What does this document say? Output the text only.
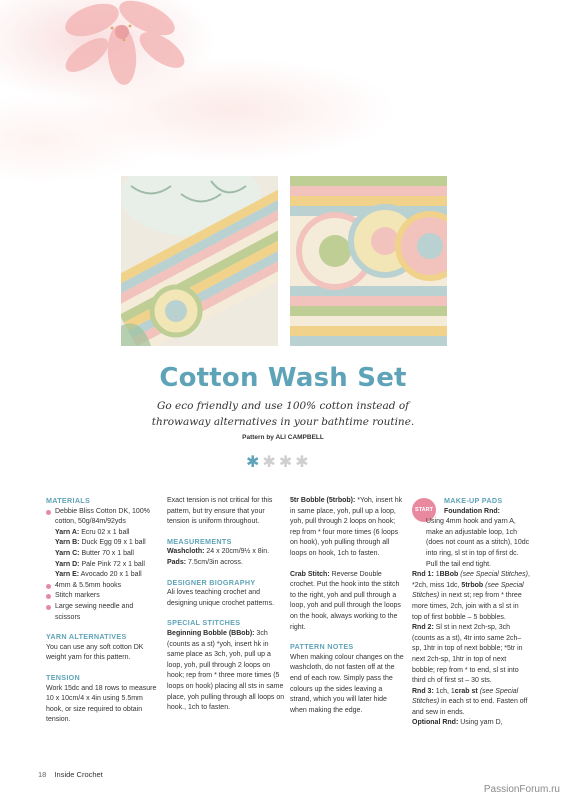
Cotton Wash Set
Go eco friendly and use 100% cotton instead of throwaway alternatives in your bathtime routine.
Pattern by ALI CAMPBELL
✱ ✱ ✱ ✱
MATERIALS

Debbie Bliss Cotton DK, 100% cotton, 50g/84m/92yds

Yarn A: Ecru 02 x 1 ball

Yarn B: Duck Egg 09 x 1 ball

Yarn C: Butter 70 x 1 ball

Yarn D: Pale Pink 72 x 1 ball

Yarn E: Avocado 20 x 1 ball

4mm & 5.5mm hooks

Stitch markers

Large sewing needle and scissors

YARN ALTERNATIVES

You can use any soft cotton DK weight yarn for this pattern.

TENSION

Work 15dc and 18 rows to measure 10 x 10cm/4 x 4in using 5.5mm hook, or size required to obtain tension.

Exact tension is not critical for this pattern, but try ensure that your tension is uniform throughout.

MEASUREMENTS

Washcloth: 24 x 20cm/9½ x 8in.

Pads: 7.5cm/3in across.

DESIGNER BIOGRAPHY

Ali loves teaching crochet and designing unique crochet patterns.

SPECIAL STITCHES

Beginning Bobble (BBob): 3ch (counts as a st) *yoh, insert hk in same place as 3ch, yoh, pull up a loop, yoh, pull through 2 loops on hook; rep from * three more times (5 loops on hook) placing all sts in same place, yoh pulling through all loops on hook., 1ch to fasten.

5tr Bobble (5trbob): *Yoh, insert hk in same place, yoh, pull up a loop, yoh, pull through 2 loops on hook; rep from * four more times (6 loops on hook), yoh pulling through all loops on hook, 1ch to fasten.

Crab Stitch: Reverse Double crochet. Put the hook into the stitch to the right, yoh and pull through a loop, yoh and pull through the loops on the hook, always working to the right.

PATTERN NOTES

When making colour changes on the washcloth, do not fasten off at the end of each row. Simply pass the colours up the sides leaving a strand, which you will later hide when making the edge.

START
MAKE-UP PADS

Foundation Rnd:

Using 4mm hook and yarn A, make an adjustable loop, 1ch (does not count as a stitch), 10dc into ring, sl st in top of first dc. Pull the tail end tight.

Rnd 1: 1BBob (see Special Stitches), *2ch, miss 1dc, 5trbob (see Special Stitches) in next st; rep from * three more times, 2ch, join with a sl st in top of first bobble – 5 bobbles.

Rnd 2: Sl st in next 2ch-sp, 3ch (counts as a st), 4tr into same 2ch–sp, 1htr in top of next bobble; *5tr in next 2ch-sp, 1htr in top of next bobble; rep from * to end, sl st into third ch of first st – 30 sts.

Rnd 3: 1ch, 1crab st (see Special Stitches) in each st to end. Fasten off and sew in ends.

Optional Rnd: Using yarn D,

18 Inside Crochet
PassionForum.ru
